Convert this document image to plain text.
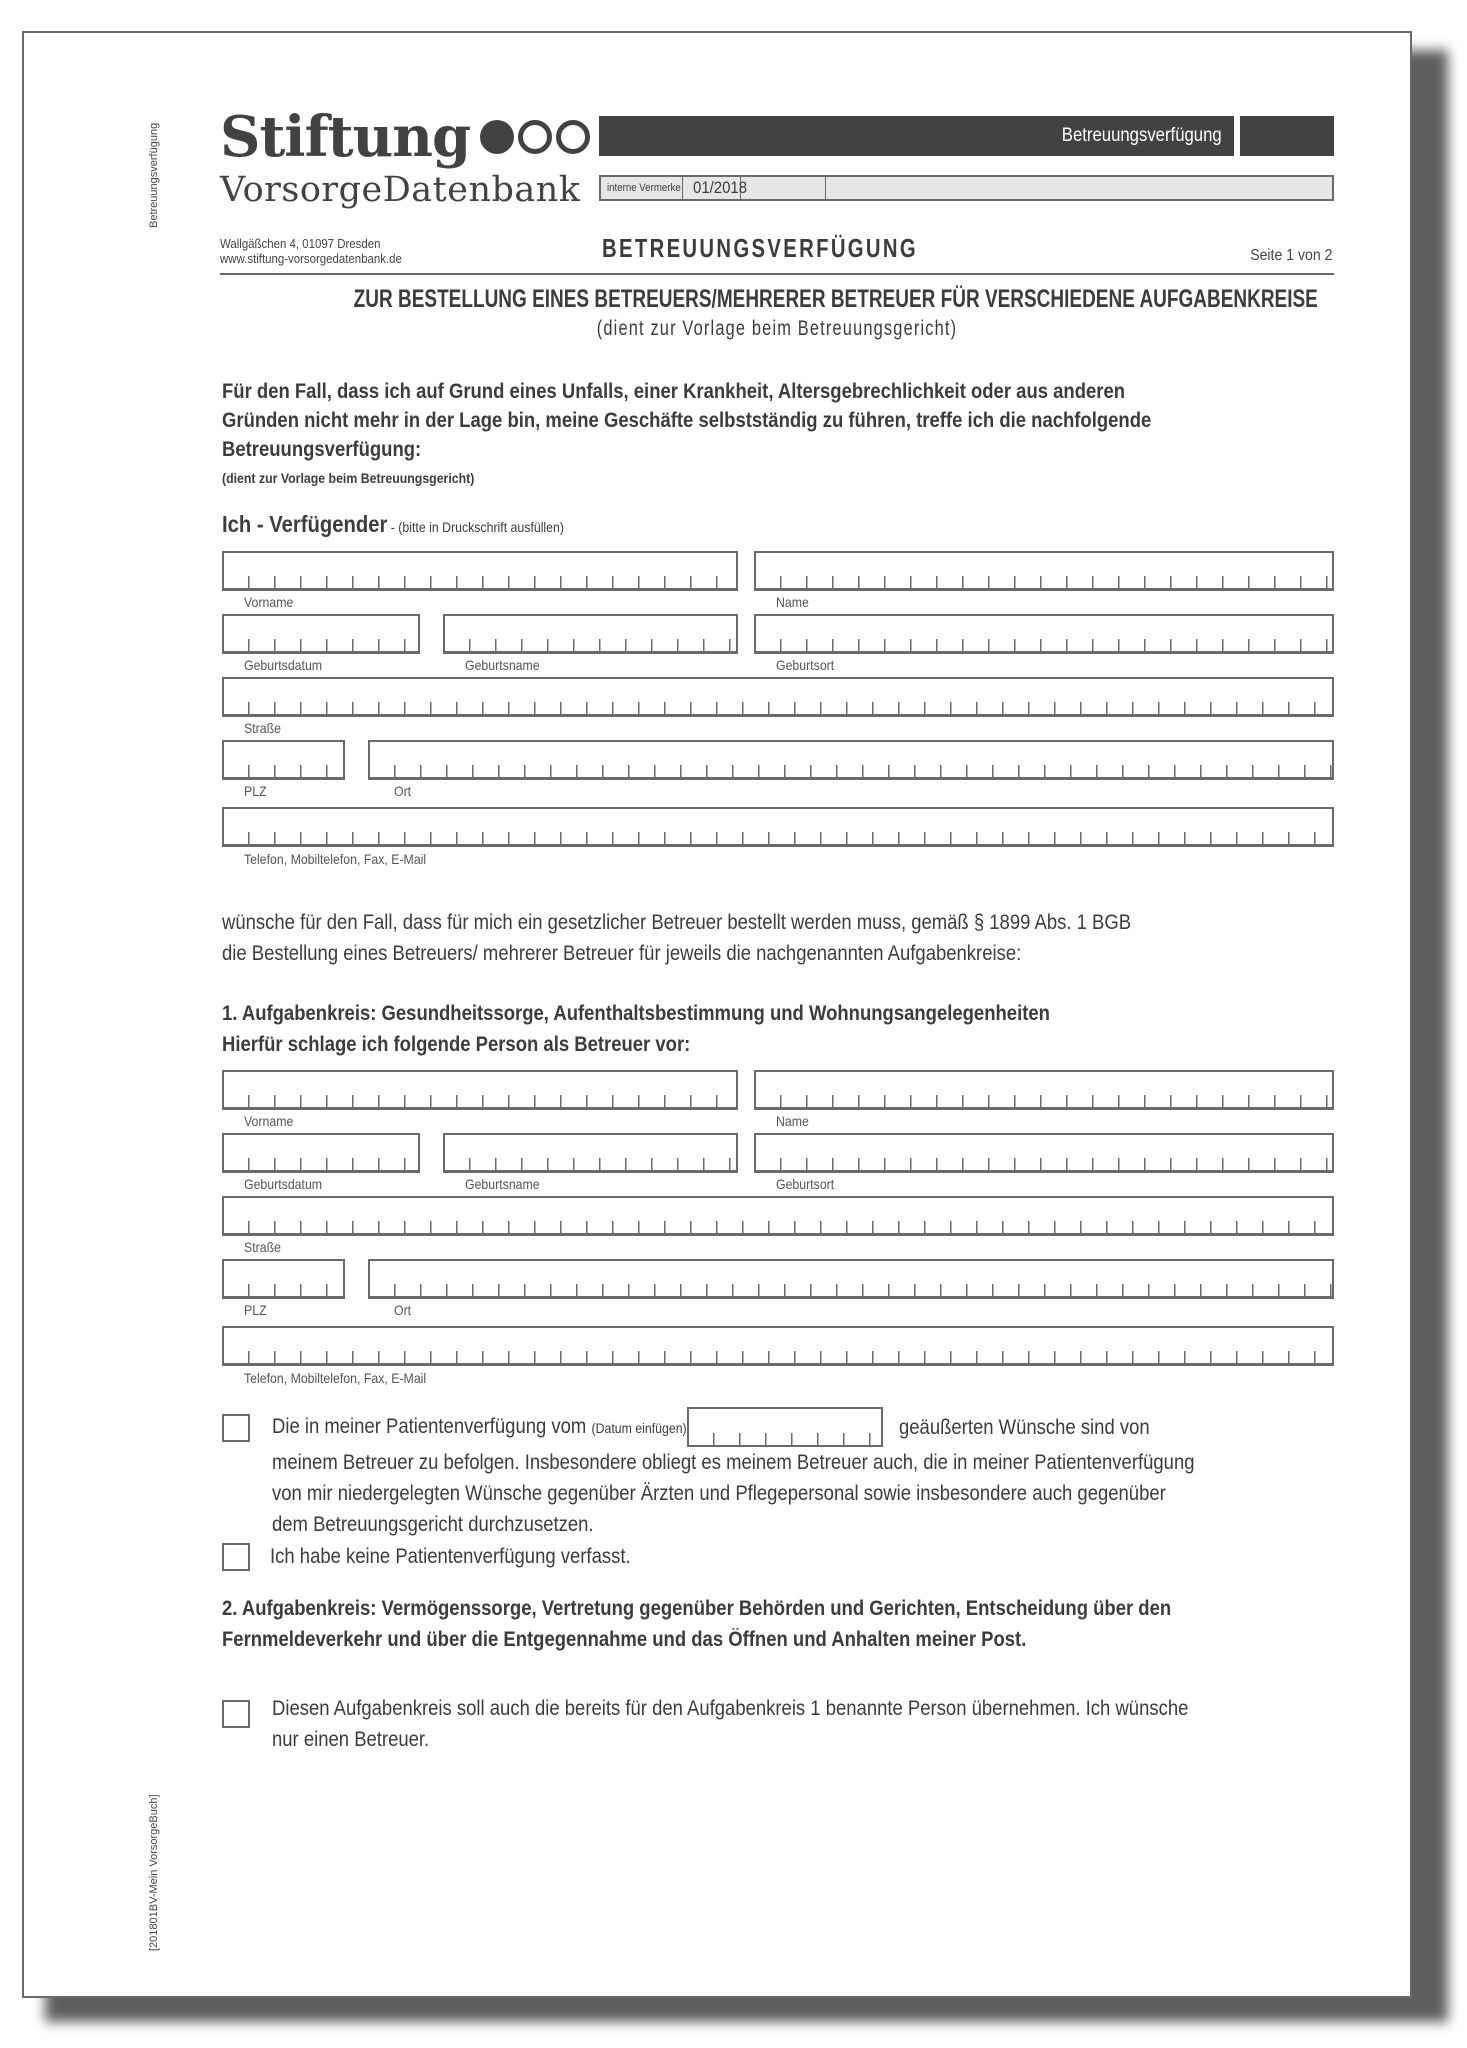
Betreuungsverfügung
[201801BV-Mein VorsorgeBuch]
Stiftung
VorsorgeDatenbank
Betreuungsverfügung
interne Vermerke 01/2018
Wallgäßchen 4, 01097 Dresden
www.stiftung-vorsorgedatenbank.de	BETREUUNGSVERFÜGUNG	Seite 1 von 2
ZUR BESTELLUNG EINES BETREUERS/MEHRERER BETREUER FÜR VERSCHIEDENE AUFGABENKREISE
(dient zur Vorlage beim Betreuungsgericht)
Für den Fall, dass ich auf Grund eines Unfalls, einer Krankheit, Altersgebrechlichkeit oder aus anderen
Gründen nicht mehr in der Lage bin, meine Geschäfte selbstständig zu führen, treffe ich die nachfolgende
Betreuungsverfügung:
(dient zur Vorlage beim Betreuungsgericht)
Ich - Verfügender - (bitte in Druckschrift ausfüllen)
Vorname	Name
Geburtsdatum	Geburtsname	Geburtsort
Straße
PLZ	Ort
Telefon, Mobiltelefon, Fax, E-Mail
wünsche für den Fall, dass für mich ein gesetzlicher Betreuer bestellt werden muss, gemäß § 1899 Abs. 1 BGB
die Bestellung eines Betreuers/ mehrerer Betreuer für jeweils die nachgenannten Aufgabenkreise:
1. Aufgabenkreis: Gesundheitssorge, Aufenthaltsbestimmung und Wohnungsangelegenheiten
Hierfür schlage ich folgende Person als Betreuer vor:
Vorname	Name
Geburtsdatum	Geburtsname	Geburtsort
Straße
PLZ	Ort
Telefon, Mobiltelefon, Fax, E-Mail
Die in meiner Patientenverfügung vom (Datum einfügen)	geäußerten Wünsche sind von
meinem Betreuer zu befolgen. Insbesondere obliegt es meinem Betreuer auch, die in meiner Patientenverfügung
von mir niedergelegten Wünsche gegenüber Ärzten und Pflegepersonal sowie insbesondere auch gegenüber
dem Betreuungsgericht durchzusetzen.
Ich habe keine Patientenverfügung verfasst.
2. Aufgabenkreis: Vermögenssorge, Vertretung gegenüber Behörden und Gerichten, Entscheidung über den
Fernmeldeverkehr und über die Entgegennahme und das Öffnen und Anhalten meiner Post.
Diesen Aufgabenkreis soll auch die bereits für den Aufgabenkreis 1 benannte Person übernehmen. Ich wünsche
nur einen Betreuer.
